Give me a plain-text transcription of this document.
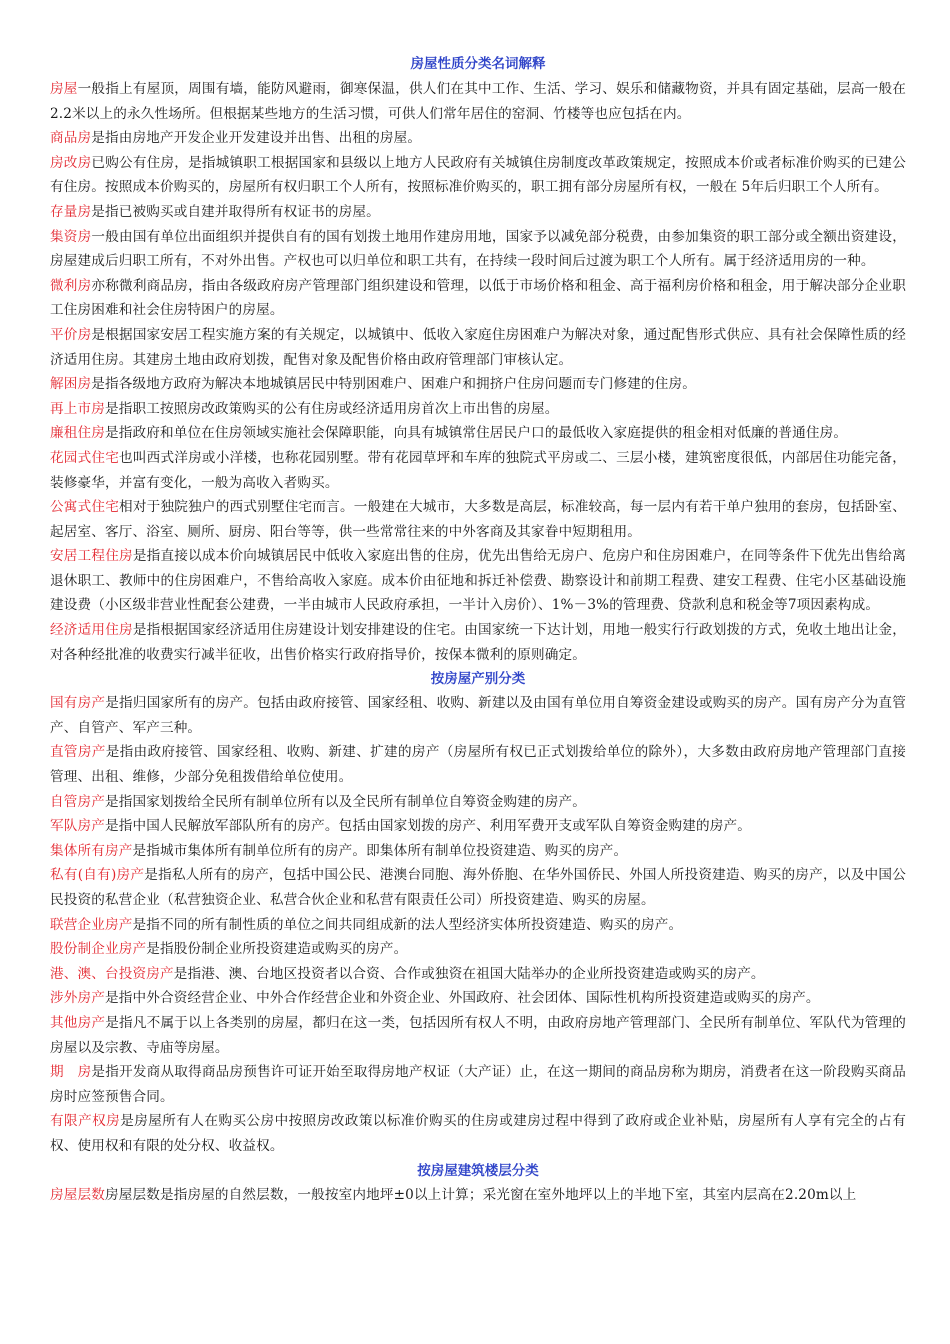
房屋性质分类名词解释

房屋一般指上有屋顶，周围有墙，能防风避雨，御寒保温，供人们在其中工作、生活、学习、娱乐和储藏物资，并具有固定基础，层高一般在2.2米以上的永久性场所。但根据某些地方的生活习惯，可供人们常年居住的窑洞、竹楼等也应包括在内。

商品房是指由房地产开发企业开发建设并出售、出租的房屋。

房改房已购公有住房，是指城镇职工根据国家和县级以上地方人民政府有关城镇住房制度改革政策规定，按照成本价或者标准价购买的已建公有住房。按照成本价购买的，房屋所有权归职工个人所有，按照标准价购买的，职工拥有部分房屋所有权，一般在 5年后归职工个人所有。

存量房是指已被购买或自建并取得所有权证书的房屋。

集资房一般由国有单位出面组织并提供自有的国有划拨土地用作建房用地，国家予以减免部分税费，由参加集资的职工部分或全额出资建设，房屋建成后归职工所有，不对外出售。产权也可以归单位和职工共有，在持续一段时间后过渡为职工个人所有。属于经济适用房的一种。

微利房亦称微利商品房，指由各级政府房产管理部门组织建设和管理，以低于市场价格和租金、高于福利房价格和租金，用于解决部分企业职工住房困难和社会住房特困户的房屋。

平价房是根据国家安居工程实施方案的有关规定，以城镇中、低收入家庭住房困难户为解决对象，通过配售形式供应、具有社会保障性质的经济适用住房。其建房土地由政府划拨，配售对象及配售价格由政府管理部门审核认定。

解困房是指各级地方政府为解决本地城镇居民中特别困难户、困难户和拥挤户住房问题而专门修建的住房。

再上市房是指职工按照房改政策购买的公有住房或经济适用房首次上市出售的房屋。

廉租住房是指政府和单位在住房领域实施社会保障职能，向具有城镇常住居民户口的最低收入家庭提供的租金相对低廉的普通住房。

花园式住宅也叫西式洋房或小洋楼，也称花园别墅。带有花园草坪和车库的独院式平房或二、三层小楼，建筑密度很低，内部居住功能完备，装修豪华，并富有变化，一般为高收入者购买。

公寓式住宅相对于独院独户的西式别墅住宅而言。一般建在大城市，大多数是高层，标准较高，每一层内有若干单户独用的套房，包括卧室、起居室、客厅、浴室、厕所、厨房、阳台等等，供一些常常往来的中外客商及其家眷中短期租用。

安居工程住房是指直接以成本价向城镇居民中低收入家庭出售的住房，优先出售给无房户、危房户和住房困难户，在同等条件下优先出售给离退休职工、教师中的住房困难户，不售给高收入家庭。成本价由征地和拆迁补偿费、勘察设计和前期工程费、建安工程费、住宅小区基础设施建设费（小区级非营业性配套公建费，一半由城市人民政府承担，一半计入房价）、1%－3%的管理费、贷款利息和税金等7项因素构成。

经济适用住房是指根据国家经济适用住房建设计划安排建设的住宅。由国家统一下达计划，用地一般实行行政划拨的方式，免收土地出让金，对各种经批准的收费实行减半征收，出售价格实行政府指导价，按保本微利的原则确定。

按房屋产别分类

国有房产是指归国家所有的房产。包括由政府接管、国家经租、收购、新建以及由国有单位用自筹资金建设或购买的房产。国有房产分为直管产、自管产、军产三种。

直管房产是指由政府接管、国家经租、收购、新建、扩建的房产（房屋所有权已正式划拨给单位的除外），大多数由政府房地产管理部门直接管理、出租、维修，少部分免租拨借给单位使用。

自管房产是指国家划拨给全民所有制单位所有以及全民所有制单位自筹资金购建的房产。

军队房产是指中国人民解放军部队所有的房产。包括由国家划拨的房产、利用军费开支或军队自筹资金购建的房产。

集体所有房产是指城市集体所有制单位所有的房产。即集体所有制单位投资建造、购买的房产。

私有(自有)房产是指私人所有的房产，包括中国公民、港澳台同胞、海外侨胞、在华外国侨民、外国人所投资建造、购买的房产，以及中国公民投资的私营企业（私营独资企业、私营合伙企业和私营有限责任公司）所投资建造、购买的房屋。

联营企业房产是指不同的所有制性质的单位之间共同组成新的法人型经济实体所投资建造、购买的房产。

股份制企业房产是指股份制企业所投资建造或购买的房产。

港、澳、台投资房产是指港、澳、台地区投资者以合资、合作或独资在祖国大陆举办的企业所投资建造或购买的房产。

涉外房产是指中外合资经营企业、中外合作经营企业和外资企业、外国政府、社会团体、国际性机构所投资建造或购买的房产。

其他房产是指凡不属于以上各类别的房屋，都归在这一类，包括因所有权人不明，由政府房地产管理部门、全民所有制单位、军队代为管理的房屋以及宗教、寺庙等房屋。

期　房是指开发商从取得商品房预售许可证开始至取得房地产权证（大产证）止，在这一期间的商品房称为期房，消费者在这一阶段购买商品房时应签预售合同。

有限产权房是房屋所有人在购买公房中按照房改政策以标准价购买的住房或建房过程中得到了政府或企业补贴，房屋所有人享有完全的占有权、使用权和有限的处分权、收益权。

按房屋建筑楼层分类

房屋层数房屋层数是指房屋的自然层数，一般按室内地坪±0以上计算；采光窗在室外地坪以上的半地下室，其室内层高在2.20m以上
